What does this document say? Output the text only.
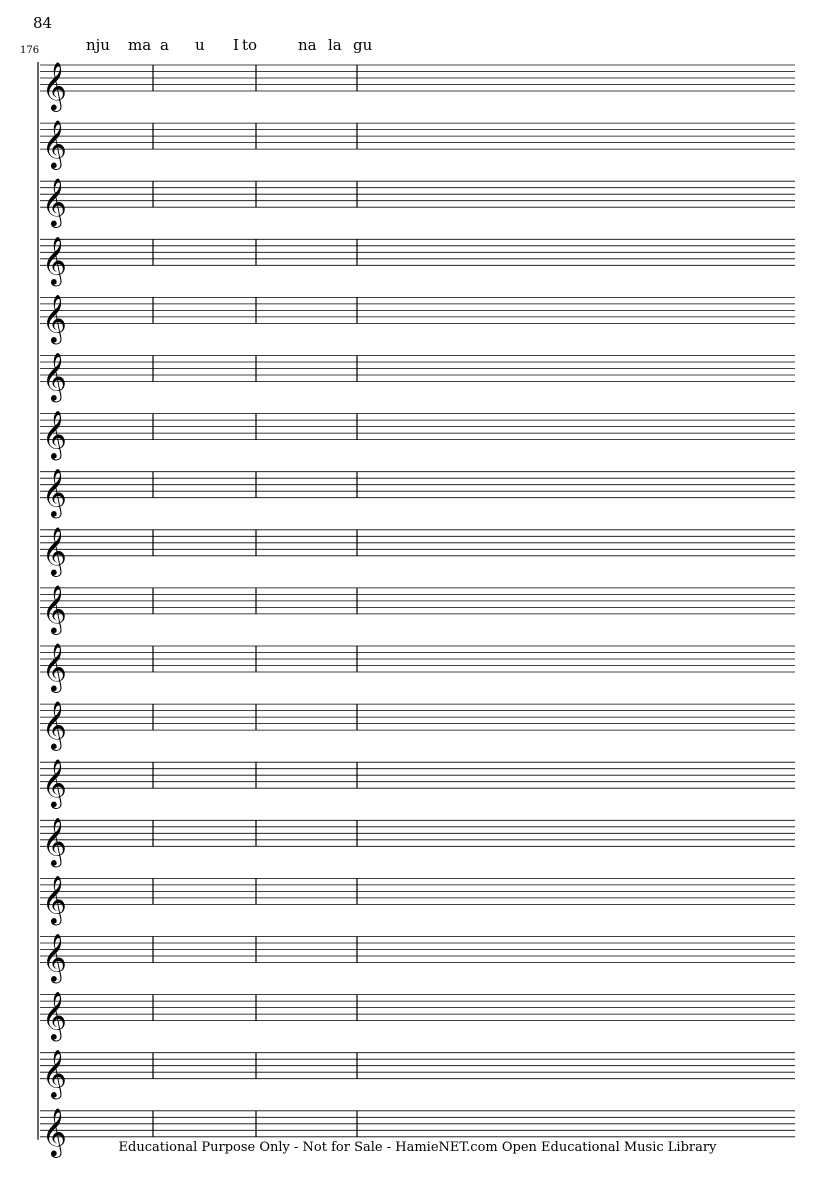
84
176	nju ma a u I to	na la gu
𝄞
𝄞
𝄞
𝄞
𝄞
𝄞
𝄞
𝄞
𝄞
𝄞
𝄞
𝄞
𝄞
𝄞
𝄞
𝄞
𝄞
𝄞
𝄞	Educational Purpose Only - Not for Sale - HamieNET.com Open Educational Music Library
